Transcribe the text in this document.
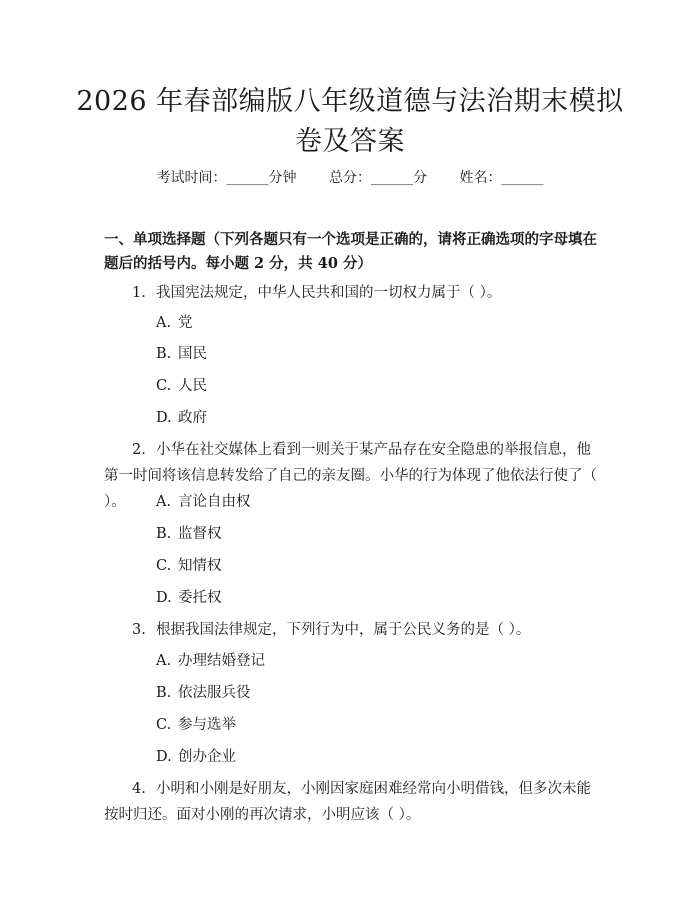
2026 年春部编版八年级道德与法治期末模拟卷及答案
考试时间：______分钟 总分：______分 姓名：______
一、单项选择题（下列各题只有一个选项是正确的，请将正确选项的字母填在题后的括号内。每小题 2 分，共 40 分）
1. 我国宪法规定，中华人民共和国的一切权力属于（ ）。
A. 党
B. 国民
C. 人民
D. 政府
2. 小华在社交媒体上看到一则关于某产品存在安全隐患的举报信息，他第一时间将该信息转发给了自己的亲友圈。小华的行为体现了他依法行使了（ ）。	A. 言论自由权
B. 监督权
C. 知情权
D. 委托权
3. 根据我国法律规定，下列行为中，属于公民义务的是（ ）。
A. 办理结婚登记
B. 依法服兵役
C. 参与选举
D. 创办企业
4. 小明和小刚是好朋友，小刚因家庭困难经常向小明借钱，但多次未能按时归还。面对小刚的再次请求，小明应该（ ）。
